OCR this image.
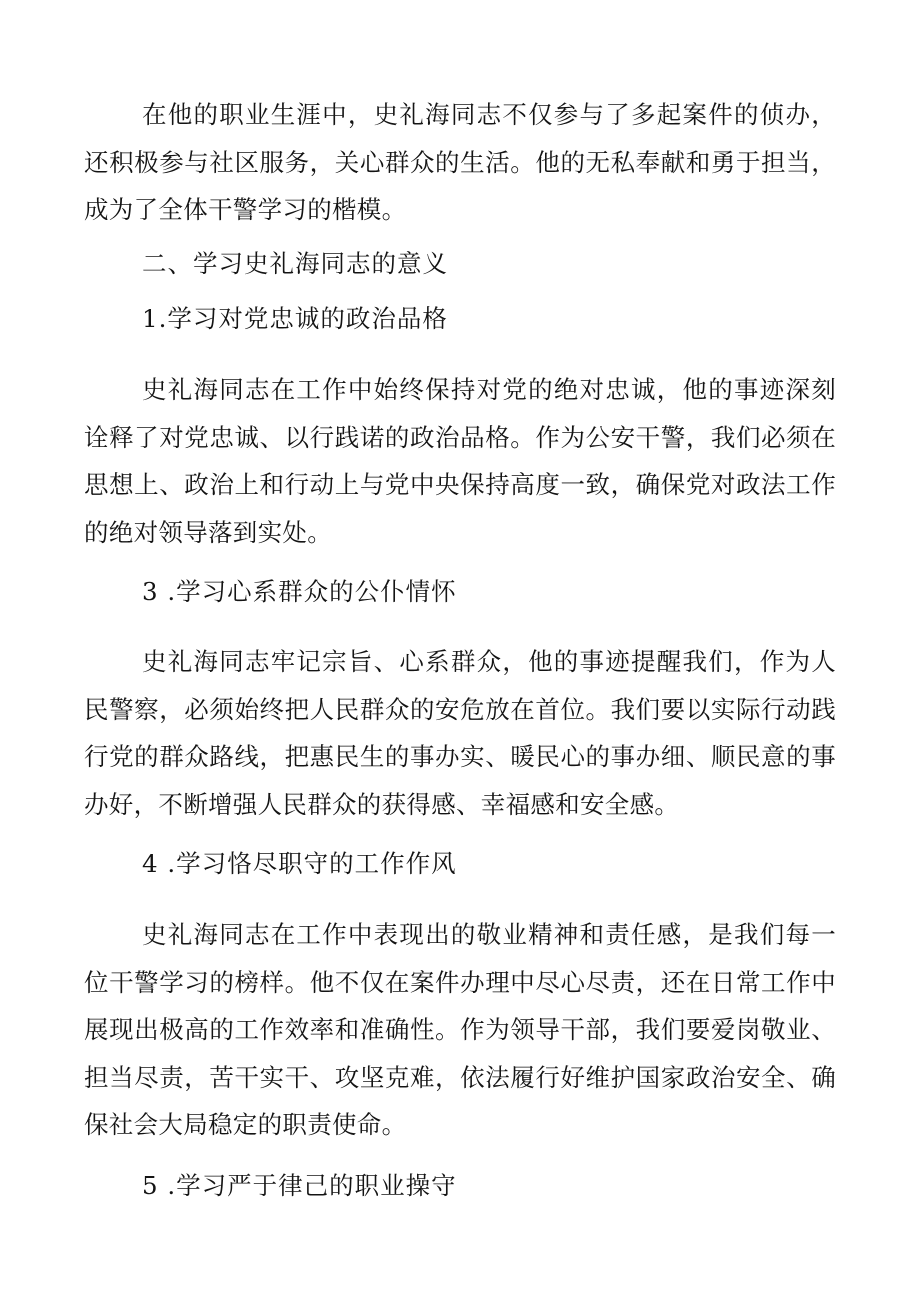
在他的职业生涯中，史礼海同志不仅参与了多起案件的侦办，还积极参与社区服务，关心群众的生活。他的无私奉献和勇于担当，成为了全体干警学习的楷模。

二、学习史礼海同志的意义

1.学习对党忠诚的政治品格

史礼海同志在工作中始终保持对党的绝对忠诚，他的事迹深刻诠释了对党忠诚、以行践诺的政治品格。作为公安干警，我们必须在思想上、政治上和行动上与党中央保持高度一致，确保党对政法工作的绝对领导落到实处。

3 .学习心系群众的公仆情怀

史礼海同志牢记宗旨、心系群众，他的事迹提醒我们，作为人民警察，必须始终把人民群众的安危放在首位。我们要以实际行动践行党的群众路线，把惠民生的事办实、暖民心的事办细、顺民意的事办好，不断增强人民群众的获得感、幸福感和安全感。

4 .学习恪尽职守的工作作风

史礼海同志在工作中表现出的敬业精神和责任感，是我们每一位干警学习的榜样。他不仅在案件办理中尽心尽责，还在日常工作中展现出极高的工作效率和准确性。作为领导干部，我们要爱岗敬业、担当尽责，苦干实干、攻坚克难，依法履行好维护国家政治安全、确保社会大局稳定的职责使命。

5 .学习严于律己的职业操守
